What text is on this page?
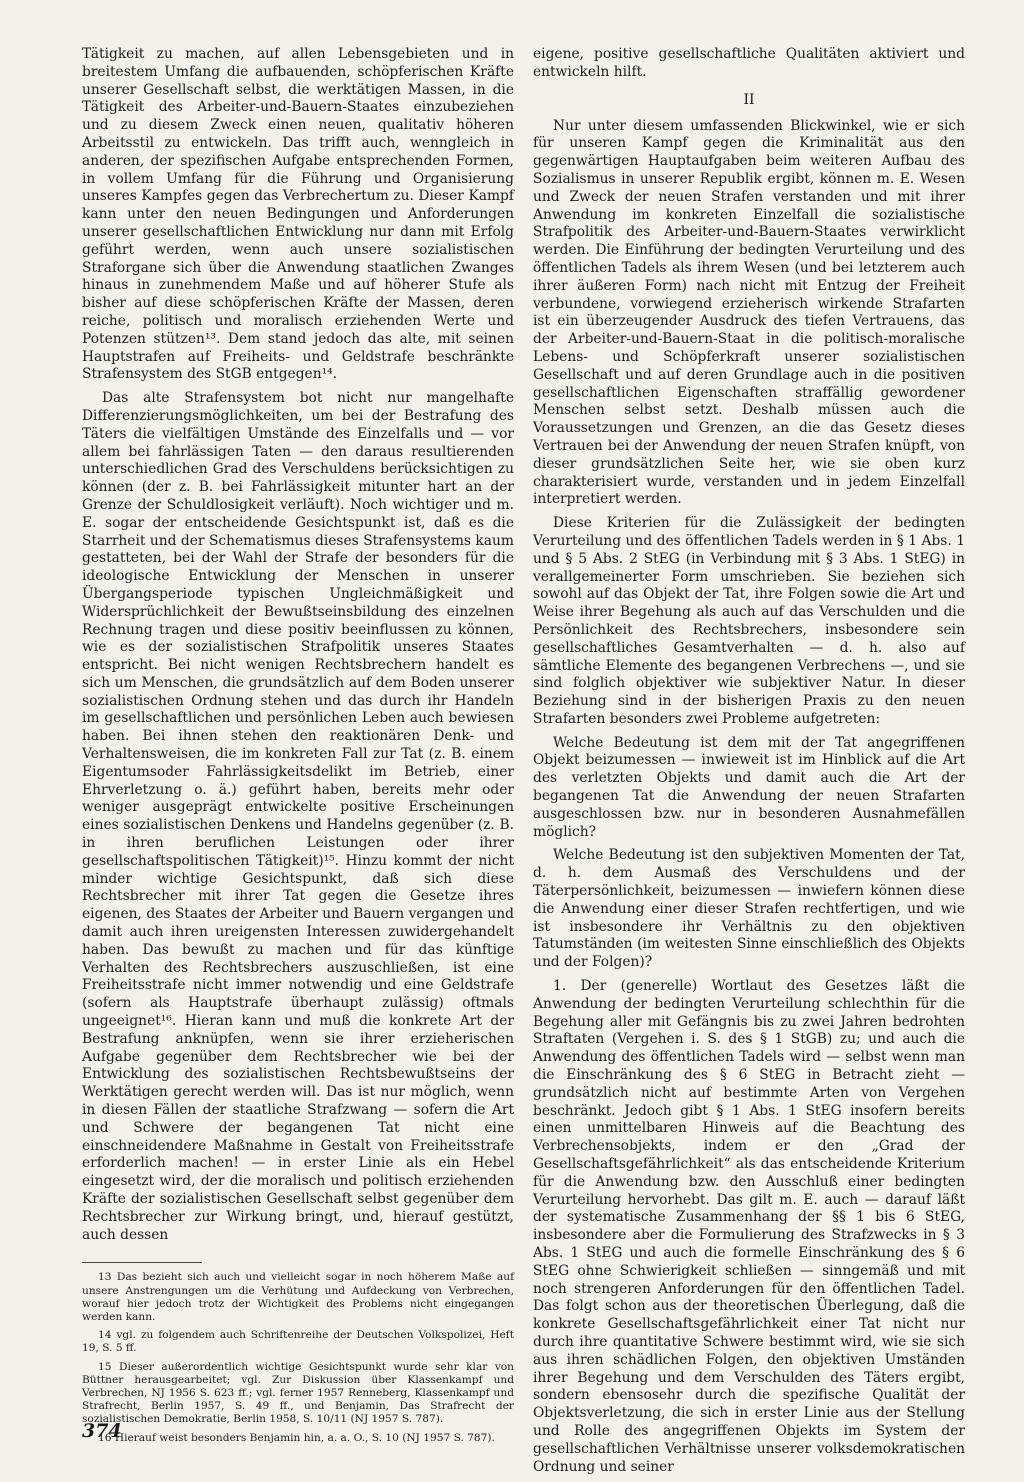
Tätigkeit zu machen, auf allen Lebensgebieten und in breitestem Umfang die aufbauenden, schöpferischen Kräfte unserer Gesellschaft selbst, die werktätigen Massen, in die Tätigkeit des Arbeiter-und-Bauern-Staates einzubeziehen und zu diesem Zweck einen neuen, qualitativ höheren Arbeitsstil zu entwickeln. Das trifft auch, wenngleich in anderen, der spezifischen Aufgabe entsprechenden Formen, in vollem Umfang für die Führung und Organisierung unseres Kampfes gegen das Verbrechertum zu. Dieser Kampf kann unter den neuen Bedingungen und Anforderungen unserer gesellschaftlichen Entwicklung nur dann mit Erfolg geführt werden, wenn auch unsere sozialistischen Straforgane sich über die Anwendung staatlichen Zwanges hinaus in zunehmendem Maße und auf höherer Stufe als bisher auf diese schöpferischen Kräfte der Massen, deren reiche, politisch und moralisch erziehenden Werte und Potenzen stützen¹³. Dem stand jedoch das alte, mit seinen Hauptstrafen auf Freiheits- und Geldstrafe beschränkte Strafensystem des StGB entgegen¹⁴.

Das alte Strafensystem bot nicht nur mangelhafte Differenzierungsmöglichkeiten, um bei der Bestrafung des Täters die vielfältigen Umstände des Einzelfalls und — vor allem bei fahrlässigen Taten — den daraus resultierenden unterschiedlichen Grad des Verschuldens berücksichtigen zu können (der z. B. bei Fahrlässigkeit mitunter hart an der Grenze der Schuldlosigkeit verläuft). Noch wichtiger und m. E. sogar der entscheidende Gesichtspunkt ist, daß es die Starrheit und der Schematismus dieses Strafensystems kaum gestatteten, bei der Wahl der Strafe der besonders für die ideologische Entwicklung der Menschen in unserer Übergangsperiode typischen Ungleichmäßigkeit und Widersprüchlichkeit der Bewußtseinsbildung des einzelnen Rechnung tragen und diese positiv beeinflussen zu können, wie es der sozialistischen Strafpolitik unseres Staates entspricht. Bei nicht wenigen Rechtsbrechern handelt es sich um Menschen, die grundsätzlich auf dem Boden unserer sozialistischen Ordnung stehen und das durch ihr Handeln im gesellschaftlichen und persönlichen Leben auch bewiesen haben. Bei ihnen stehen den reaktionären Denk- und Verhaltensweisen, die im konkreten Fall zur Tat (z. B. einem Eigentumsoder Fahrlässigkeitsdelikt im Betrieb, einer Ehrverletzung o. ä.) geführt haben, bereits mehr oder weniger ausgeprägt entwickelte positive Erscheinungen eines sozialistischen Denkens und Handelns gegenüber (z. B. in ihren beruflichen Leistungen oder ihrer gesellschaftspolitischen Tätigkeit)¹⁵. Hinzu kommt der nicht minder wichtige Gesichtspunkt, daß sich diese Rechtsbrecher mit ihrer Tat gegen die Gesetze ihres eigenen, des Staates der Arbeiter und Bauern vergangen und damit auch ihren ureigensten Interessen zuwidergehandelt haben. Das bewußt zu machen und für das künftige Verhalten des Rechtsbrechers auszuschließen, ist eine Freiheitsstrafe nicht immer notwendig und eine Geldstrafe (sofern als Hauptstrafe überhaupt zulässig) oftmals ungeeignet¹⁶. Hieran kann und muß die konkrete Art der Bestrafung anknüpfen, wenn sie ihrer erzieherischen Aufgabe gegenüber dem Rechtsbrecher wie bei der Entwicklung des sozialistischen Rechtsbewußtseins der Werktätigen gerecht werden will. Das ist nur möglich, wenn in diesen Fällen der staatliche Strafzwang — sofern die Art und Schwere der begangenen Tat nicht eine einschneidendere Maßnahme in Gestalt von Freiheitsstrafe erforderlich machen! — in erster Linie als ein Hebel eingesetzt wird, der die moralisch und politisch erziehenden Kräfte der sozialistischen Gesellschaft selbst gegenüber dem Rechtsbrecher zur Wirkung bringt, und, hierauf gestützt, auch dessen

13 Das bezieht sich auch und vielleicht sogar in noch höherem Maße auf unsere Anstrengungen um die Verhütung und Aufdeckung von Verbrechen, worauf hier jedoch trotz der Wichtigkeit des Problems nicht eingegangen werden kann.

14 vgl. zu folgendem auch Schriftenreihe der Deutschen Volkspolizei, Heft 19, S. 5 ff.

15 Dieser außerordentlich wichtige Gesichtspunkt wurde sehr klar von Büttner herausgearbeitet; vgl. Zur Diskussion über Klassenkampf und Verbrechen, NJ 1956 S. 623 ff.; vgl. ferner 1957 Renneberg, Klassenkampf und Strafrecht, Berlin 1957, S. 49 ff., und Benjamin, Das Strafrecht der sozialistischen Demokratie, Berlin 1958, S. 10/11 (NJ 1957 S. 787).

16 Hierauf weist besonders Benjamin hin, a. a. O., S. 10 (NJ 1957 S. 787).

eigene, positive gesellschaftliche Qualitäten aktiviert und entwickeln hilft.

II

Nur unter diesem umfassenden Blickwinkel, wie er sich für unseren Kampf gegen die Kriminalität aus den gegenwärtigen Hauptaufgaben beim weiteren Aufbau des Sozialismus in unserer Republik ergibt, können m. E. Wesen und Zweck der neuen Strafen verstanden und mit ihrer Anwendung im konkreten Einzelfall die sozialistische Strafpolitik des Arbeiter-und-Bauern-Staates verwirklicht werden. Die Einführung der bedingten Verurteilung und des öffentlichen Tadels als ihrem Wesen (und bei letzterem auch ihrer äußeren Form) nach nicht mit Entzug der Freiheit verbundene, vorwiegend erzieherisch wirkende Strafarten ist ein überzeugender Ausdruck des tiefen Vertrauens, das der Arbeiter-und-Bauern-Staat in die politisch-moralische Lebens- und Schöpferkraft unserer sozialistischen Gesellschaft und auf deren Grundlage auch in die positiven gesellschaftlichen Eigenschaften straffällig gewordener Menschen selbst setzt. Deshalb müssen auch die Voraussetzungen und Grenzen, an die das Gesetz dieses Vertrauen bei der Anwendung der neuen Strafen knüpft, von dieser grundsätzlichen Seite her, wie sie oben kurz charakterisiert wurde, verstanden und in jedem Einzelfall interpretiert werden.

Diese Kriterien für die Zulässigkeit der bedingten Verurteilung und des öffentlichen Tadels werden in § 1 Abs. 1 und § 5 Abs. 2 StEG (in Verbindung mit § 3 Abs. 1 StEG) in verallgemeinerter Form umschrieben. Sie beziehen sich sowohl auf das Objekt der Tat, ihre Folgen sowie die Art und Weise ihrer Begehung als auch auf das Verschulden und die Persönlichkeit des Rechtsbrechers, insbesondere sein gesellschaftliches Gesamtverhalten — d. h. also auf sämtliche Elemente des begangenen Verbrechens —, und sie sind folglich objektiver wie subjektiver Natur. In dieser Beziehung sind in der bisherigen Praxis zu den neuen Strafarten besonders zwei Probleme aufgetreten:

Welche Bedeutung ist dem mit der Tat angegriffenen Objekt beizumessen — inwieweit ist im Hinblick auf die Art des verletzten Objekts und damit auch die Art der begangenen Tat die Anwendung der neuen Strafarten ausgeschlossen bzw. nur in besonderen Ausnahmefällen möglich?

Welche Bedeutung ist den subjektiven Momenten der Tat, d. h. dem Ausmaß des Verschuldens und der Täterpersönlichkeit, beizumessen — inwiefern können diese die Anwendung einer dieser Strafen rechtfertigen, und wie ist insbesondere ihr Verhältnis zu den objektiven Tatumständen (im weitesten Sinne einschließlich des Objekts und der Folgen)?

1. Der (generelle) Wortlaut des Gesetzes läßt die Anwendung der bedingten Verurteilung schlechthin für die Begehung aller mit Gefängnis bis zu zwei Jahren bedrohten Straftaten (Vergehen i. S. des § 1 StGB) zu; und auch die Anwendung des öffentlichen Tadels wird — selbst wenn man die Einschränkung des § 6 StEG in Betracht zieht — grundsätzlich nicht auf bestimmte Arten von Vergehen beschränkt. Jedoch gibt § 1 Abs. 1 StEG insofern bereits einen unmittelbaren Hinweis auf die Beachtung des Verbrechensobjekts, indem er den „Grad der Gesellschaftsgefährlichkeit“ als das entscheidende Kriterium für die Anwendung bzw. den Ausschluß einer bedingten Verurteilung hervorhebt. Das gilt m. E. auch — darauf läßt der systematische Zusammenhang der §§ 1 bis 6 StEG, insbesondere aber die Formulierung des Strafzwecks in § 3 Abs. 1 StEG und auch die formelle Einschränkung des § 6 StEG ohne Schwierigkeit schließen — sinngemäß und mit noch strengeren Anforderungen für den öffentlichen Tadel. Das folgt schon aus der theoretischen Überlegung, daß die konkrete Gesellschaftsgefährlichkeit einer Tat nicht nur durch ihre quantitative Schwere bestimmt wird, wie sie sich aus ihren schädlichen Folgen, den objektiven Umständen ihrer Begehung und dem Verschulden des Täters ergibt, sondern ebensosehr durch die spezifische Qualität der Objektsverletzung, die sich in erster Linie aus der Stellung und Rolle des angegriffenen Objekts im System der gesellschaftlichen Verhältnisse unserer volksdemokratischen Ordnung und seiner

374
